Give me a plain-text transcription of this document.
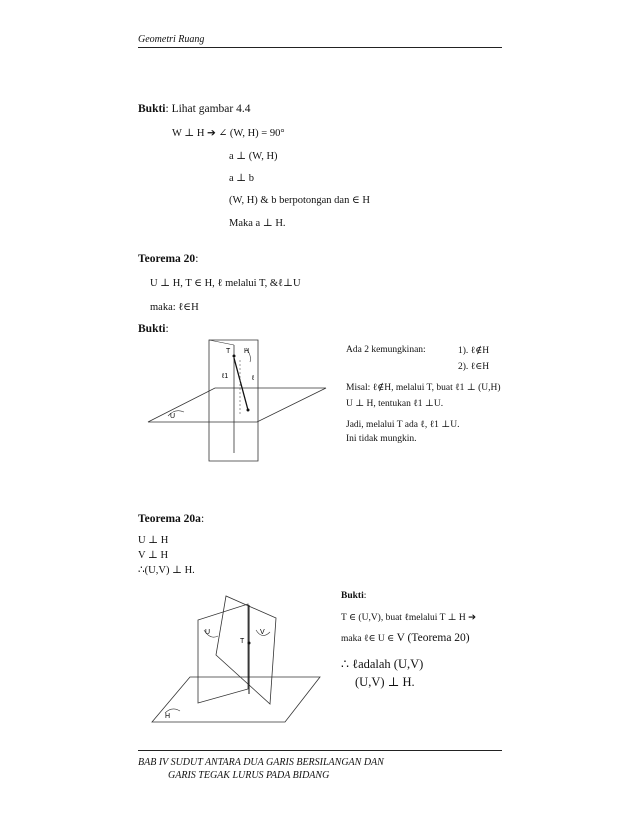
Geometri Ruang
Bukti: Lihat gambar 4.4
W ⊥ H ➔ ∠ (W, H) = 90°
a ⊥ (W, H)
a ⊥ b
(W, H) & b berpotongan dan ∈ H
Maka a ⊥ H.
Teorema 20:
U ⊥ H, T ∈ H, ℓ melalui T, &ℓ⊥U
maka: ℓ∈H
Bukti:
T H
ℓ1	ℓ
U
Ada 2 kemungkinan:	1). ℓ∉H
2). ℓ∈H
Misal: ℓ∉H, melalui T, buat ℓ1 ⊥ (U,H)
U ⊥ H, tentukan ℓ1 ⊥U.
Jadi, melalui T ada ℓ, ℓ1 ⊥U.
Ini tidak mungkin.
Teorema 20a:
U ⊥ H
V ⊥ H
∴(U,V) ⊥ H.
Bukti:
T ∈ (U,V), buat ℓmelalui T ⊥ H ➔
maka ℓ∈ U ∈ V (Teorema 20)
∴ ℓadalah (U,V)
(U,V) ⊥ H.
U	V
T
H
BAB IV SUDUT ANTARA DUA GARIS BERSILANGAN DAN
GARIS TEGAK LURUS PADA BIDANG
